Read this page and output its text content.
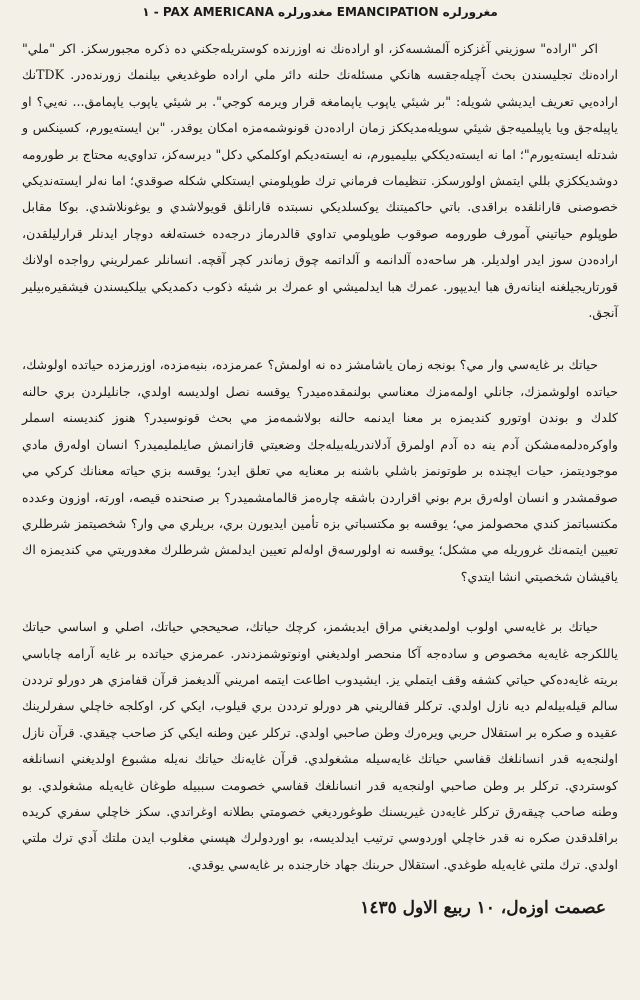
مغرورلره EMANCIPATION مغدورلره PAX AMERICANA - ١

اكر "اراده" سوزيني آغزكزه آلمشسه‌كز، او اراده‌نك نه اوزرنده كوستريله‌جكني ده ذكره مجبورسكز. اكر "ملي" اراده‌نك تجليسندن بحث آچيله‌جقسه هانكي مسئله‌نك حلنه دائر ملي اراده طوغديغي بيلنمك زورنده‌در. TDKنك اراده‌يي تعريف ايديشي شويله: "بر شيئي ياپوب ياپمامغه قرار ويرمه كوجي". بر شيئي ياپوب ياپمامق... نه‌يي؟ او ياپيله‌جق ويا ياپيلميه‌جق شيئي سويله‌مديككز زمان اراده‌دن قونوشمه‌مزه امكان يوقدر. "بن ايستەيورم، كسينكس و شدتله ايستەيورم"؛ اما نه ايسته‌ديككي بيليميورم، نه ايسته‌ديكم اوكلمكي دكل" ديرسه‌كز، تداوي‌يه محتاج بر طورومه دوشديككزي بللي ايتمش اولورسكز. تنظيمات فرماني ترك طوپلومني ايستكلي شكله صوقدي؛ اما نه‌لر ايسته‌نديكي خصوصنی قارانلقده براقدی. باتي حاكميتنك يوكسلديكي نسبتده قارانلق قويولاشدي و يوغونلاشدي. بوكا مقابل طوپلوم حياتيني آمورف طورومه صوقوب طوپلومي تداوي قالدرماز درجه‌ده خسته‌لغه دوچار ايدنلر قرارليلقدن، اراده‌دن سوز ايدر اولديلر. هر ساحه‌ده آلدانمه و آلداتمه چوق زماندر كچر آقچه. انسانلر عمرلريني رواجده اولانك قورتاريجيلغنه اينانه‌رق هبا ايديپور. عمرك هبا ايدلميشي او عمرك بر شيئه ذكوب دكمديكي بيلكيسندن فيشقيره‌بيلير آنجق.

حياتك بر غايه‌سي وار مي؟ بونجه زمان ياشامشز ده نه اولمش؟ عمرمزده، بنيه‌مزده، اوزرمزده حياتده اولوشك، حياتده اولوشمزك، جانلي اولمه‌مزك معناسي بولنمقده‌ميدر؟ يوقسه نصل اولديسه اولدي، جانليلردن بري حالنه كلدك و بوندن اوتورو كنديمزه بر معنا ايدنمه حالنه بولاشمه‌مز مي بحث قونوسيدر؟ هنوز كنديسنه اسملر واوكره‌دلمه‌مشكن آدم ينه ده آدم اولمرق آدلاندريله‌بيله‌جك وضعيتي قازانمش صايلمليميدر؟ انسان اوله‌رق مادي موجوديتمز، حيات ايچنده بر طوتونمز باشلي باشنه بر معنايه مي تعلق ايدر؛ يوقسه بزي حياته معنانك كركي مي صوقمشدر و انسان اوله‌رق برم بوني اقراردن باشقه چاره‌مز قالمامشميدر؟ بر صنحنده قيصه، اورته، اوزون وعدده مكتسباتمز كندي محصولمز مي؛ يوقسه بو مكتسباتي بزه تأمين ايديورن بري، بريلري مي وار؟ شخصيتمز شرطلري تعيين ايتمه‌نك غروريله مي مشكل؛ يوقسه نه اولورسه‌ق اولەلم تعيين ايدلمش شرطلرك مغدوريتي مي كنديمزه اك ياقيشان شخصيتي انشا ايتدي؟

حياتك بر غايه‌سي اولوب اولمديغني مراق ايديشمز، كرچك حياتك، صحيحجي حياتك، اصلي و اساسي حياتك ياللکرجه غايه‌يه مخصوص و ساده‌جه آكا منحصر اولديغني اونوتوشمزدندر. عمرمزي حياتده بر غايه آرامه چاباسي بريته غايه‌ده‌كي حياتي كشفه وقف ايتملي يز. ايشيدوب اطاعت ايتمه امريني آلديغمز قرآن قفامزي هر دورلو ترددن سالم قيلەبيلەلم ديه نازل اولدي. تركلر قفالريني هر دورلو ترددن بري قيلوب، ايكي كر، اوكلجه خاچلي سفرلرينك عقيده و صكره بر استقلال حربي ويره‌رك وطن صاحبي اولدي. تركلر عين وطنه ايكي كز صاحب چيقدي. قرآن نازل اولنجه‌يه قدر انسانلغك قفاسي حياتك غايه‌سيله مشغولدي. قرآن غايه‌نك حياتك نه‌يله مشبوع اولديغني انسانلغه كوستردي. تركلر بر وطن صاحبي اولنجه‌يه قدر انسانلغك قفاسي خصومت سببيله طوغان غايه‌يله مشغولدي. بو وطنه صاحب چيقه‌رق تركلر غايه‌دن غيريسنك طوغورديغي خصومتي بطلانه اوغراتدي. سكز خاچلي سفري كريده براقلدقدن صكره نه قدر خاچلي اوردوسي ترتيب ايدلديسه، بو اوردولرك هپسني مغلوب ايدن ملتك آدي ترك ملتي اولدي. ترك ملتي غايه‌يله طوغدي. استقلال حربنك جهاد خارجنده بر غايه‌سي يوقدي.

عصمت اوزه‌ل، ١٠ ربيع الاول ١٤٣٥
